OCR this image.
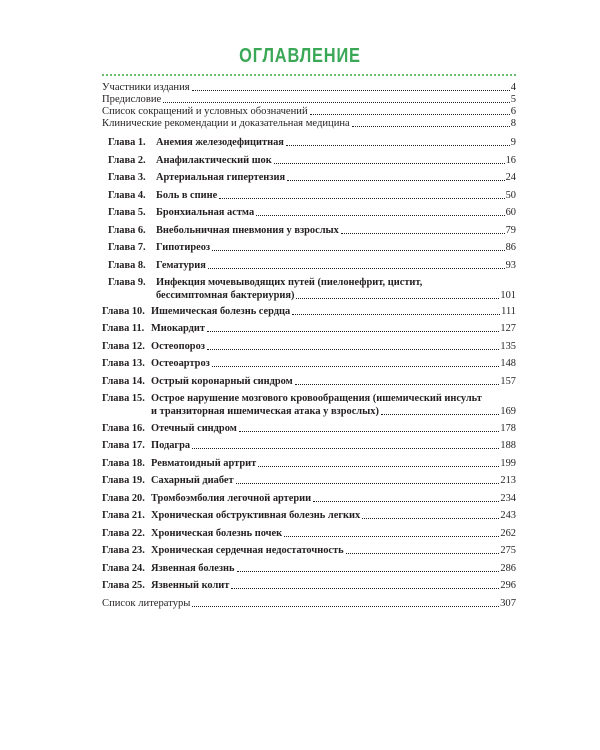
ОГЛАВЛЕНИЕ
Участники издания	4
Предисловие	5
Список сокращений и условных обозначений	6
Клинические рекомендации и доказательная медицина	8
Глава 1. Анемия железодефицитная	9
Глава 2. Анафилактический шок	16
Глава 3. Артериальная гипертензия	24
Глава 4. Боль в спине	50
Глава 5. Бронхиальная астма	60
Глава 6. Внебольничная пневмония у взрослых	79
Глава 7. Гипотиреоз	86
Глава 8. Гематурия	93
Глава 9. Инфекция мочевыводящих путей (пиелонефрит, цистит,
бессимптомная бактериурия)	101
Глава 10. Ишемическая болезнь сердца	111
Глава 11. Миокардит	127
Глава 12. Остеопороз	135
Глава 13. Остеоартроз	148
Глава 14. Острый коронарный синдром	157
Глава 15. Острое нарушение мозгового кровообращения (ишемический инсульт
и транзиторная ишемическая атака у взрослых)	169
Глава 16. Отечный синдром	178
Глава 17. Подагра	188
Глава 18. Ревматоидный артрит	199
Глава 19. Сахарный диабет	213
Глава 20. Тромбоэмболия легочной артерии	234
Глава 21. Хроническая обструктивная болезнь легких	243
Глава 22. Хроническая болезнь почек	262
Глава 23. Хроническая сердечная недостаточность	275
Глава 24. Язвенная болезнь	286
Глава 25. Язвенный колит	296
Список литературы	307
